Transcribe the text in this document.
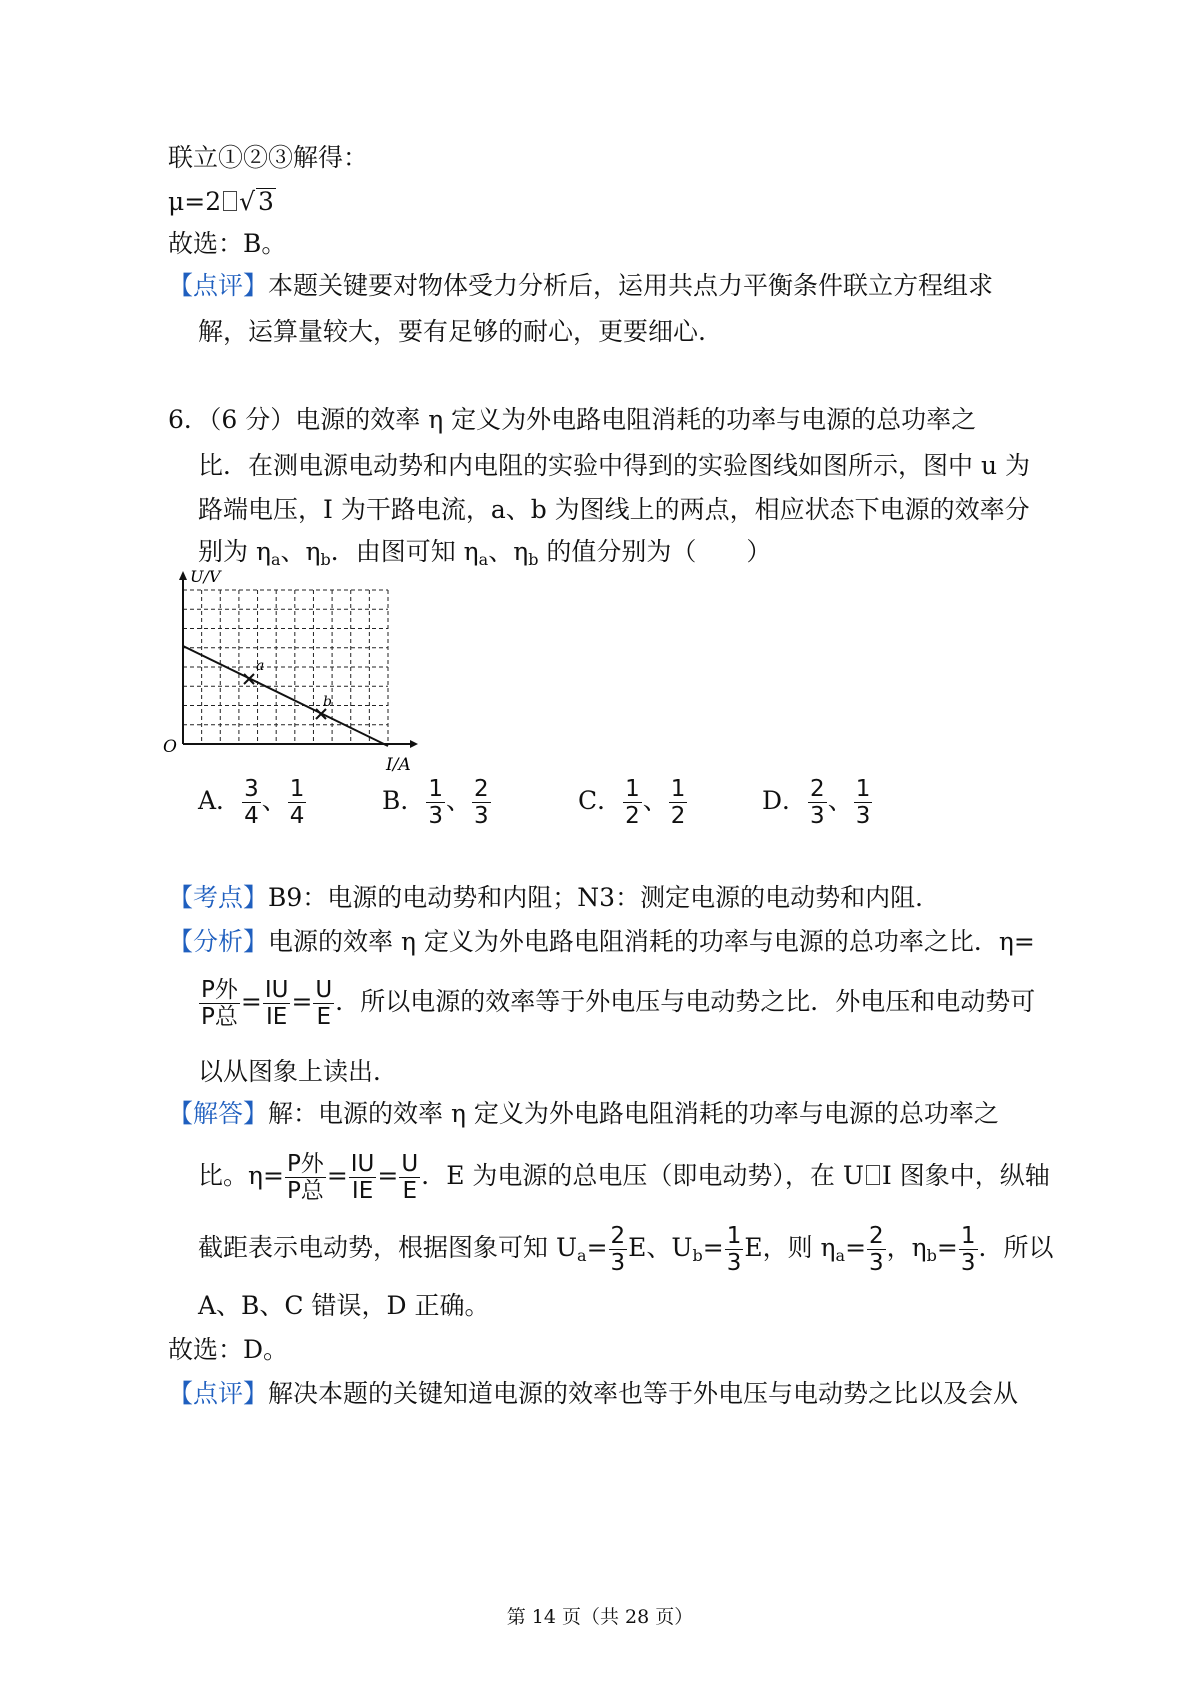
联立①②③解得：
μ=2 √ 3
故选：B。
【点评】本题关键要对物体受力分析后，运用共点力平衡条件联立方程组求
解，运算量较大，要有足够的耐心，更要细心.
6．（6 分）电源的效率 η 定义为外电路电阻消耗的功率与电源的总功率之
比．在测电源电动势和内电阻的实验中得到的实验图线如图所示，图中 u 为
路端电压，I 为干路电流，a、b 为图线上的两点，相应状态下电源的效率分
别为 $\eta_a$、$\eta_b$．由图可知 $\eta_a$、$\eta_b$ 的值分别为（　　）
a
b
U/V
O
I/A
A． $\frac{3}{4}$ 、 $\frac{1}{4}$	B． $\frac{1}{3}$ 、 $\frac{2}{3}$	C． $\frac{1}{2}$ 、 $\frac{1}{2}$	D． $\frac{2}{3}$ 、 $\frac{1}{3}$
【考点】B9：电源的电动势和内阻；N3：测定电源的电动势和内阻．
【分析】电源的效率 η 定义为外电路电阻消耗的功率与电源的总功率之比．η=
$\frac{\text{P外}}{\text{P总}} = \frac{IU}{IE} = \frac{U}{E}$ ．所以电源的效率等于外电压与电动势之比．外电压和电动势可
以从图象上读出．
【解答】解：电源的效率 η 定义为外电路电阻消耗的功率与电源的总功率之
比。$\eta= \frac{\text{P外}}{\text{P总}} = \frac{IU}{IE} = \frac{U}{E}$ ．E 为电源的总电压（即电动势），在 U I 图象中，纵轴
截距表示电动势，根据图象可知 $U_a= \frac{2}{3}$ E、$U_b= \frac{1}{3}$ E，则 $\eta_a= \frac{2}{3}$ ，$\eta_b= \frac{1}{3}$ ．所以
A、B、C 错误，D 正确。
故选：D。
【点评】解决本题的关键知道电源的效率也等于外电压与电动势之比以及会从
第 14 页（共 28 页）
